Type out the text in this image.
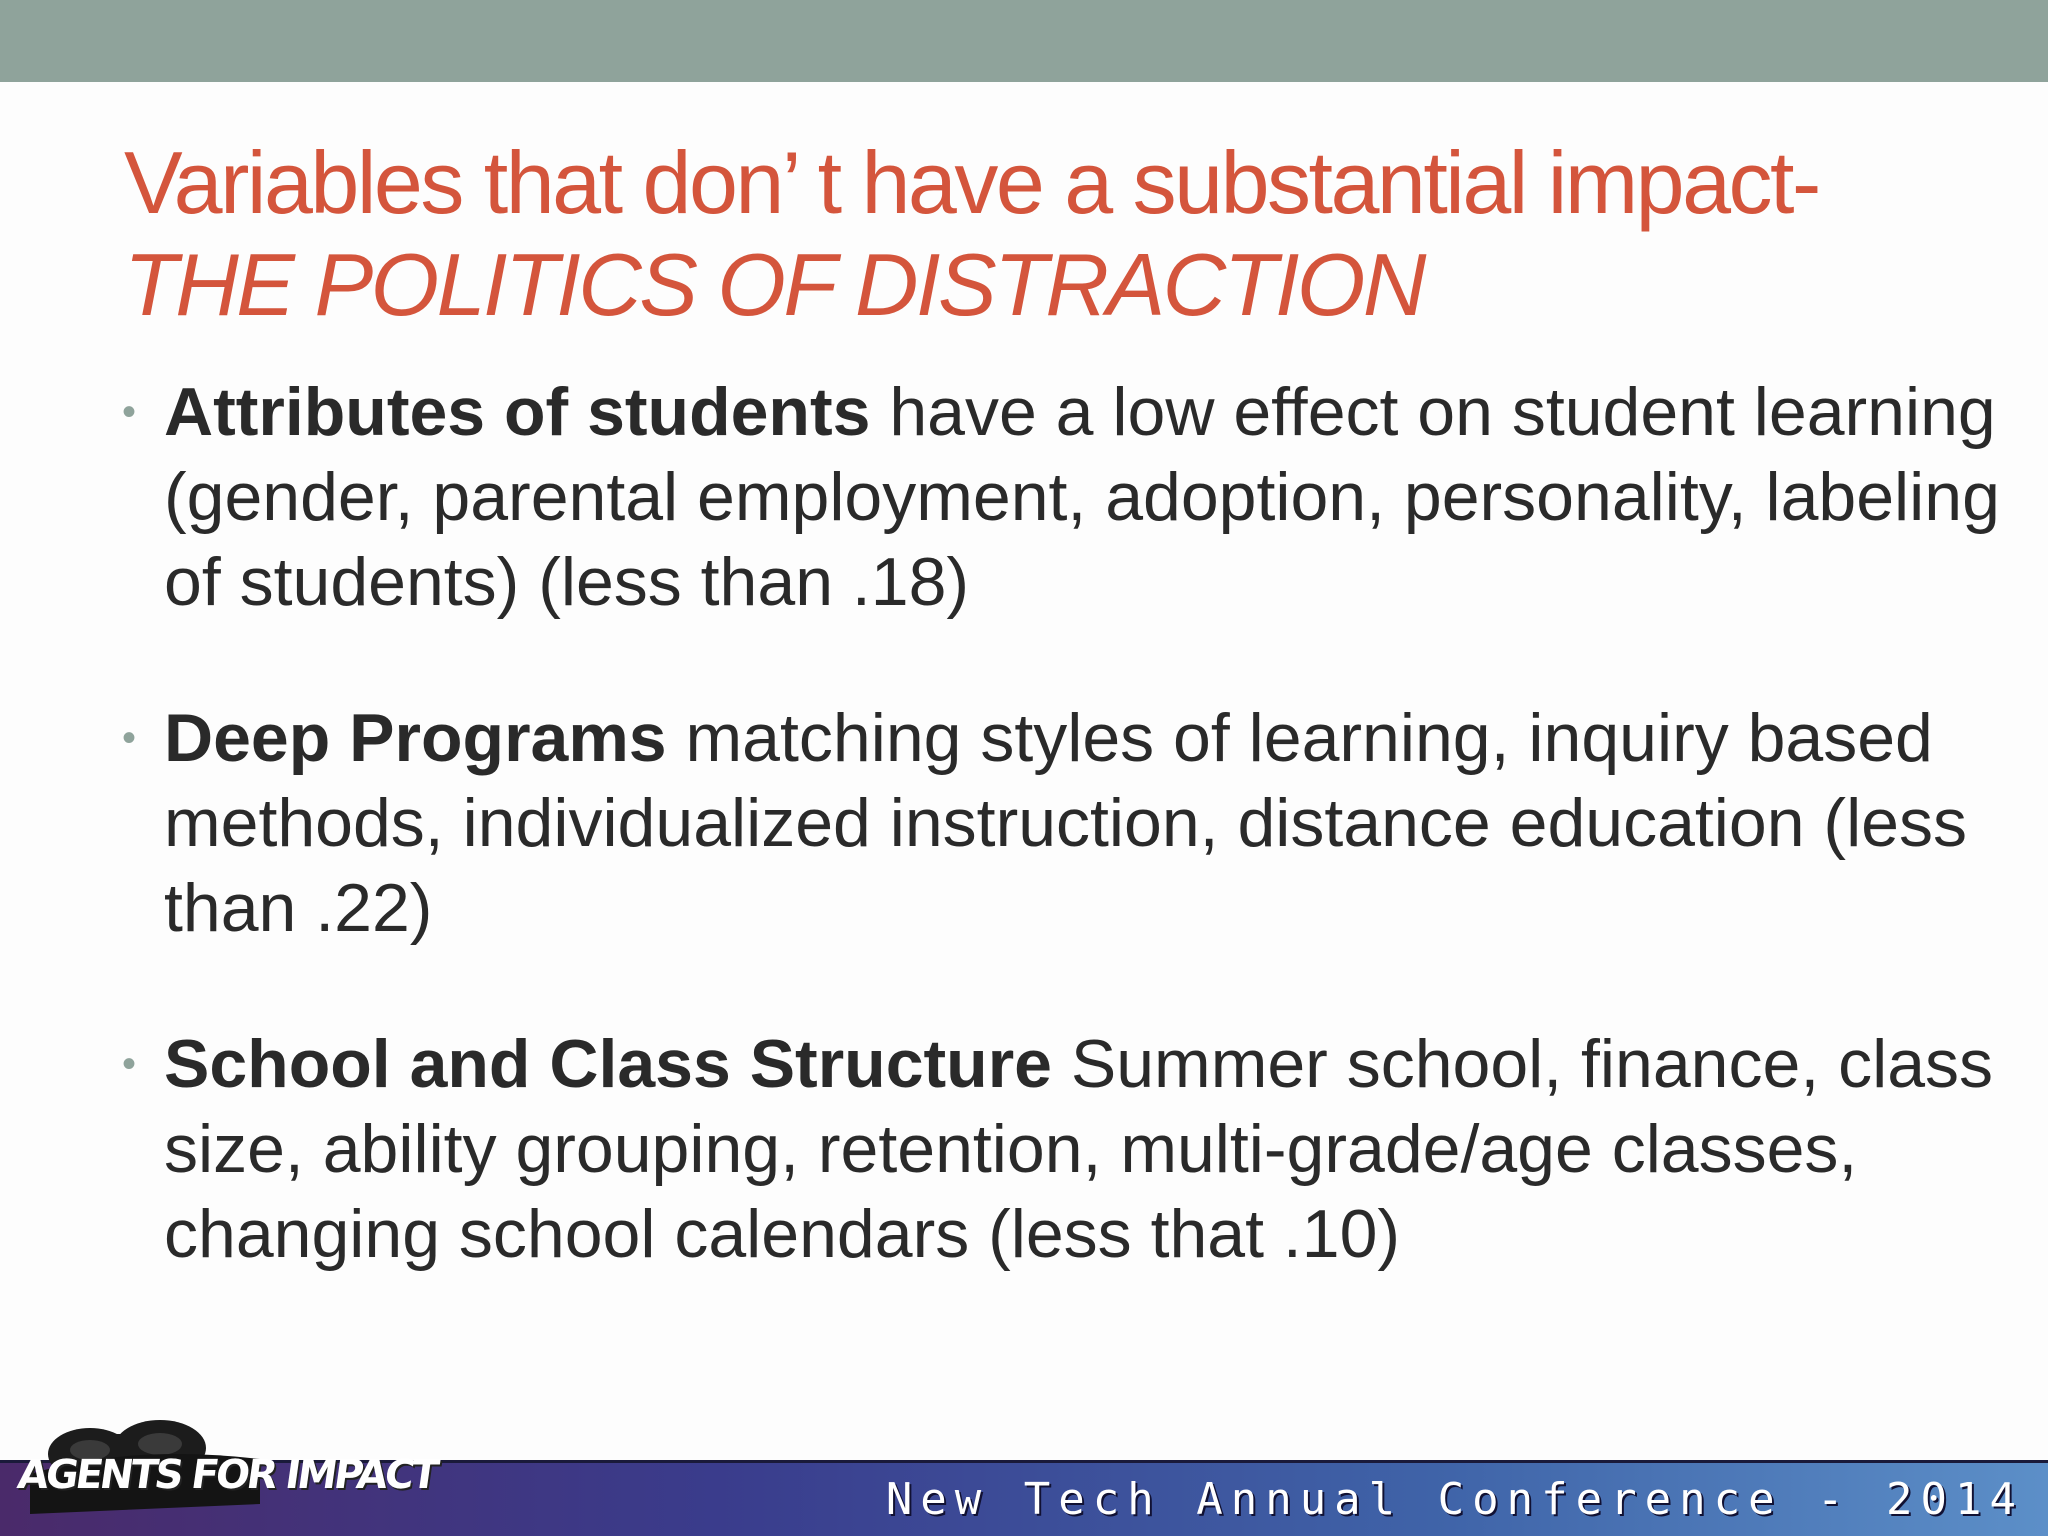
Variables that don’ t have a substantial impact-
THE POLITICS OF DISTRACTION
• Attributes of students have a low effect on student learning (gender, parental employment, adoption, personality, labeling of students) (less than .18)
• Deep Programs matching styles of learning, inquiry based methods, individualized instruction, distance education (less than .22)
• School and Class Structure Summer school, finance, class size, ability grouping, retention, multi-grade/age classes, changing school calendars (less that .10)
AGENTS FOR IMPACT	New Tech Annual Conference - 2014
